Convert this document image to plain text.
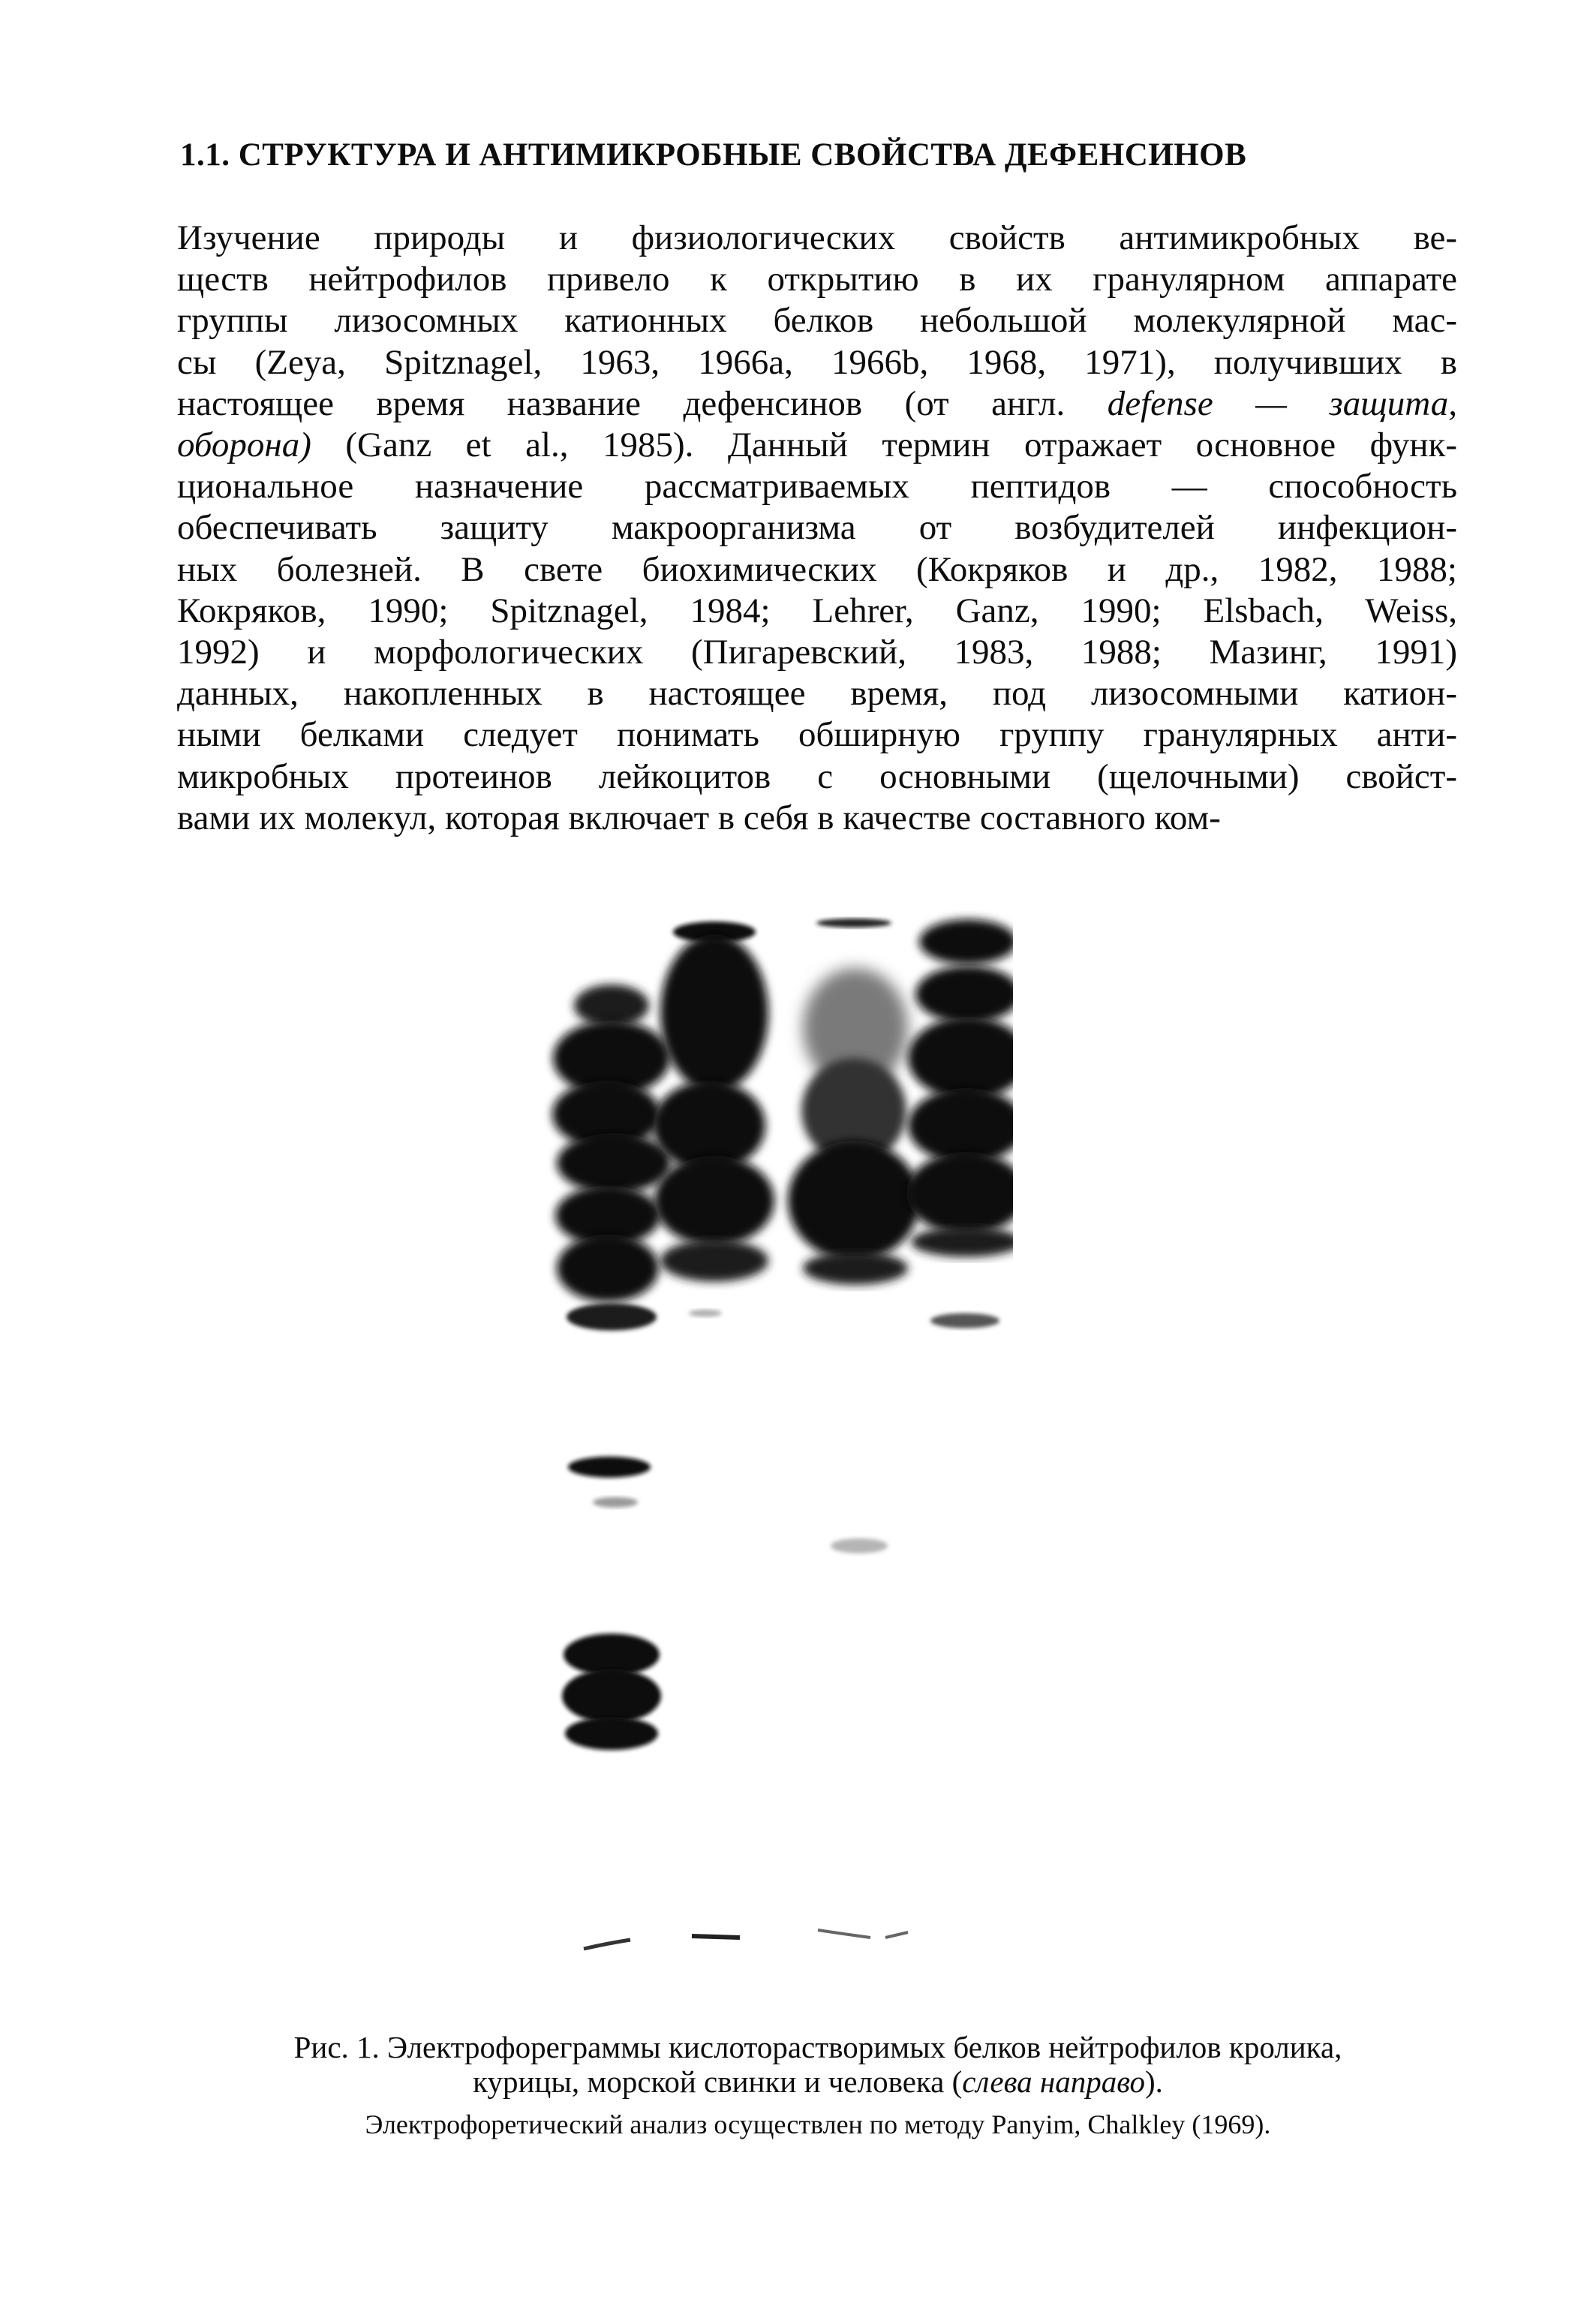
1.1. СТРУКТУРА И АНТИМИКРОБНЫЕ СВОЙСТВА ДЕФЕНСИНОВ
Изучение природы и физиологических свойств антимикробных ве-
ществ нейтрофилов привело к открытию в их гранулярном аппарате
группы лизосомных катионных белков небольшой молекулярной мас-
сы (Zeya, Spitznagel, 1963, 1966a, 1966b, 1968, 1971), получивших в
настоящее время название дефенсинов (от англ. defense — защита,
оборона) (Ganz et al., 1985). Данный термин отражает основное функ-
циональное назначение рассматриваемых пептидов — способность
обеспечивать защиту макроорганизма от возбудителей инфекцион-
ных болезней. В свете биохимических (Кокряков и др., 1982, 1988;
Кокряков, 1990; Spitznagel, 1984; Lehrer, Ganz, 1990; Elsbach, Weiss,
1992) и морфологических (Пигаревский, 1983, 1988; Мазинг, 1991)
данных, накопленных в настоящее время, под лизосомными катион-
ными белками следует понимать обширную группу гранулярных анти-
микробных протеинов лейкоцитов с основными (щелочными) свойст-
вами их молекул, которая включает в себя в качестве составного ком-

Рис. 1. Электрофореграммы кислоторастворимых белков нейтрофилов кролика,
курицы, морской свинки и человека (слева направо).

Электрофоретический анализ осуществлен по методу Panyim, Chalkley (1969).
